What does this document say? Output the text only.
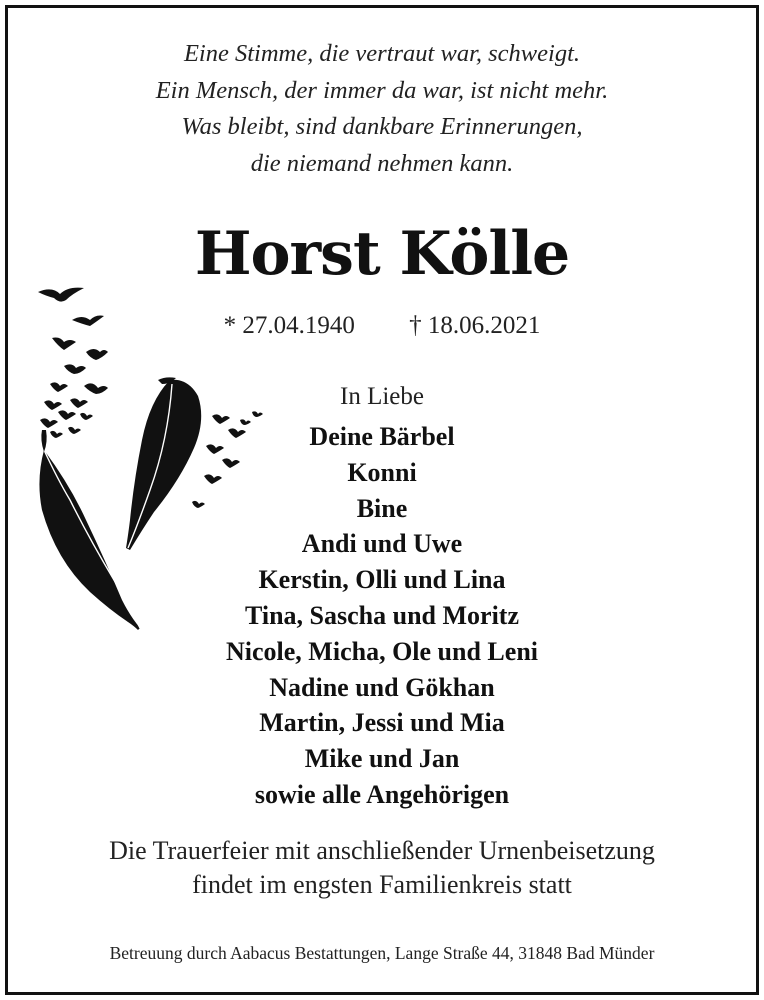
Eine Stimme, die vertraut war, schweigt.
Ein Mensch, der immer da war, ist nicht mehr.
Was bleibt, sind dankbare Erinnerungen,
die niemand nehmen kann.
Horst Kölle
* 27.04.1940 † 18.06.2021
In Liebe
Deine Bärbel
Konni
Bine
Andi und Uwe
Kerstin, Olli und Lina
Tina, Sascha und Moritz
Nicole, Micha, Ole und Leni
Nadine und Gökhan
Martin, Jessi und Mia
Mike und Jan
sowie alle Angehörigen
Die Trauerfeier mit anschließender Urnenbeisetzung
findet im engsten Familienkreis statt
Betreuung durch Aabacus Bestattungen, Lange Straße 44, 31848 Bad Münder
